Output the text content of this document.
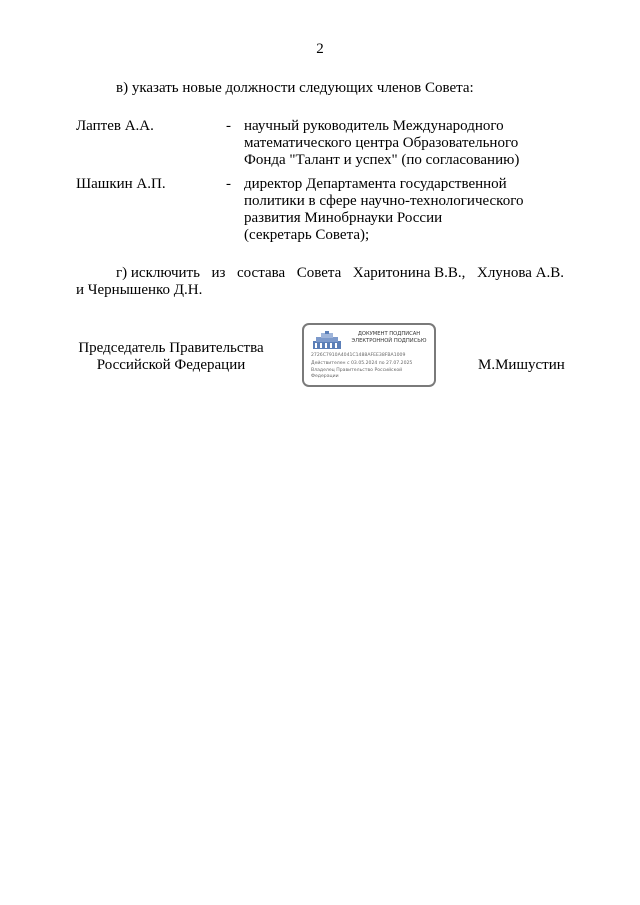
2
в) указать новые должности следующих членов Совета:
Лаптев А.А.	- научный руководитель Международного
математического центра Образовательного
Фонда "Талант и успех" (по согласованию)
Шашкин А.П.	- директор Департамента государственной
политики в сфере научно-технологического
развития Минобрнауки России
(секретарь Совета);
г) исключить из состава Совета Харитонина В.В., Хлунова А.В.
и Чернышенко Д.Н.
Председатель Правительства
Российской Федерации
ДОКУМЕНТ ПОДПИСАН
ЭЛЕКТРОННОЙ ПОДПИСЬЮ
2726C7910A4041C1488AFEE38FBA1009
Действителен с 03.05.2024 по 27.07.2025
Владелец Правительство Российской
Федерации
М.Мишустин
